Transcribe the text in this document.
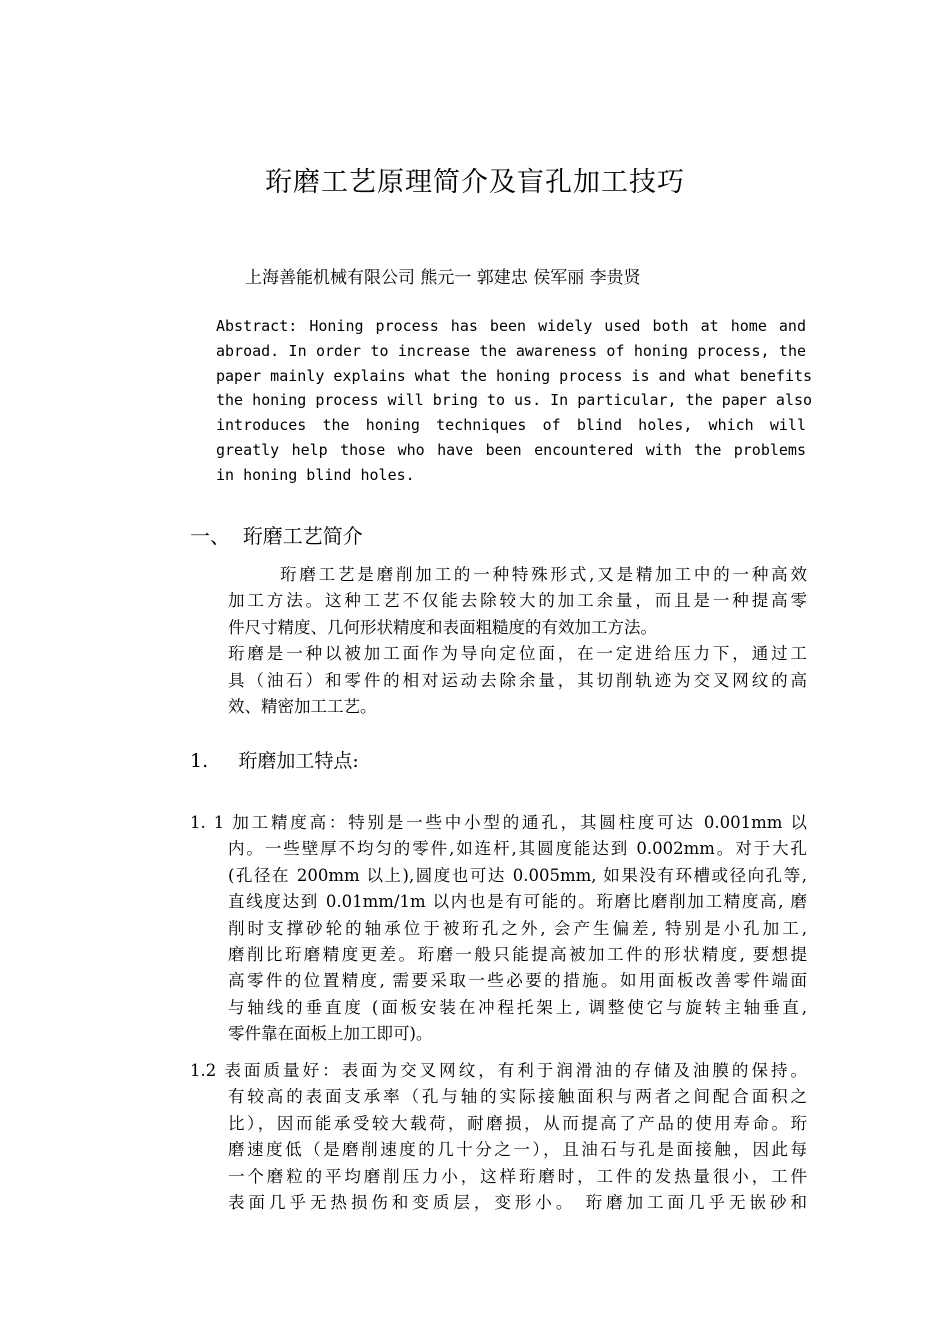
珩磨工艺原理简介及盲孔加工技巧
上海善能机械有限公司 熊元一 郭建忠 侯军丽 李贵贤
Abstract: Honing process has been widely used both at home and
abroad. In order to increase the awareness of honing process, the
paper mainly explains what the honing process is and what benefits
the honing process will bring to us. In particular, the paper also
introduces the honing techniques of blind holes, which will
greatly help those who have been encountered with the problems
in honing blind holes.
一、  珩磨工艺简介
珩磨工艺是磨削加工的一种特殊形式,又是精加工中的一种高效
加工方法。这种工艺不仅能去除较大的加工余量，而且是一种提高零
件尺寸精度、几何形状精度和表面粗糙度的有效加工方法。
珩磨是一种以被加工面作为导向定位面，在一定进给压力下，通过工
具（油石）和零件的相对运动去除余量，其切削轨迹为交叉网纹的高
效、精密加工工艺。
1.     珩磨加工特点:
1. 1 加工精度高：特别是一些中小型的通孔，其圆柱度可达 0.001mm 以
内。一些壁厚不均匀的零件,如连杆,其圆度能达到 0.002mm。对于大孔
(孔径在 200mm 以上),圆度也可达 0.005mm, 如果没有环槽或径向孔等,
直线度达到 0.01mm/1m 以内也是有可能的。珩磨比磨削加工精度高, 磨
削时支撑砂轮的轴承位于被珩孔之外, 会产生偏差, 特别是小孔加工,
磨削比珩磨精度更差。珩磨一般只能提高被加工件的形状精度, 要想提
高零件的位置精度, 需要采取一些必要的措施。如用面板改善零件端面
与轴线的垂直度 (面板安装在冲程托架上, 调整使它与旋转主轴垂直,
零件靠在面板上加工即可)。
1.2 表面质量好：表面为交叉网纹，有利于润滑油的存储及油膜的保持。
有较高的表面支承率（孔与轴的实际接触面积与两者之间配合面积之
比），因而能承受较大载荷，耐磨损，从而提高了产品的使用寿命。珩
磨速度低（是磨削速度的几十分之一），且油石与孔是面接触，因此每
一个磨粒的平均磨削压力小，这样珩磨时，工件的发热量很小，工件
表面几乎无热损伤和变质层，变形小。 珩磨加工面几乎无嵌砂和
